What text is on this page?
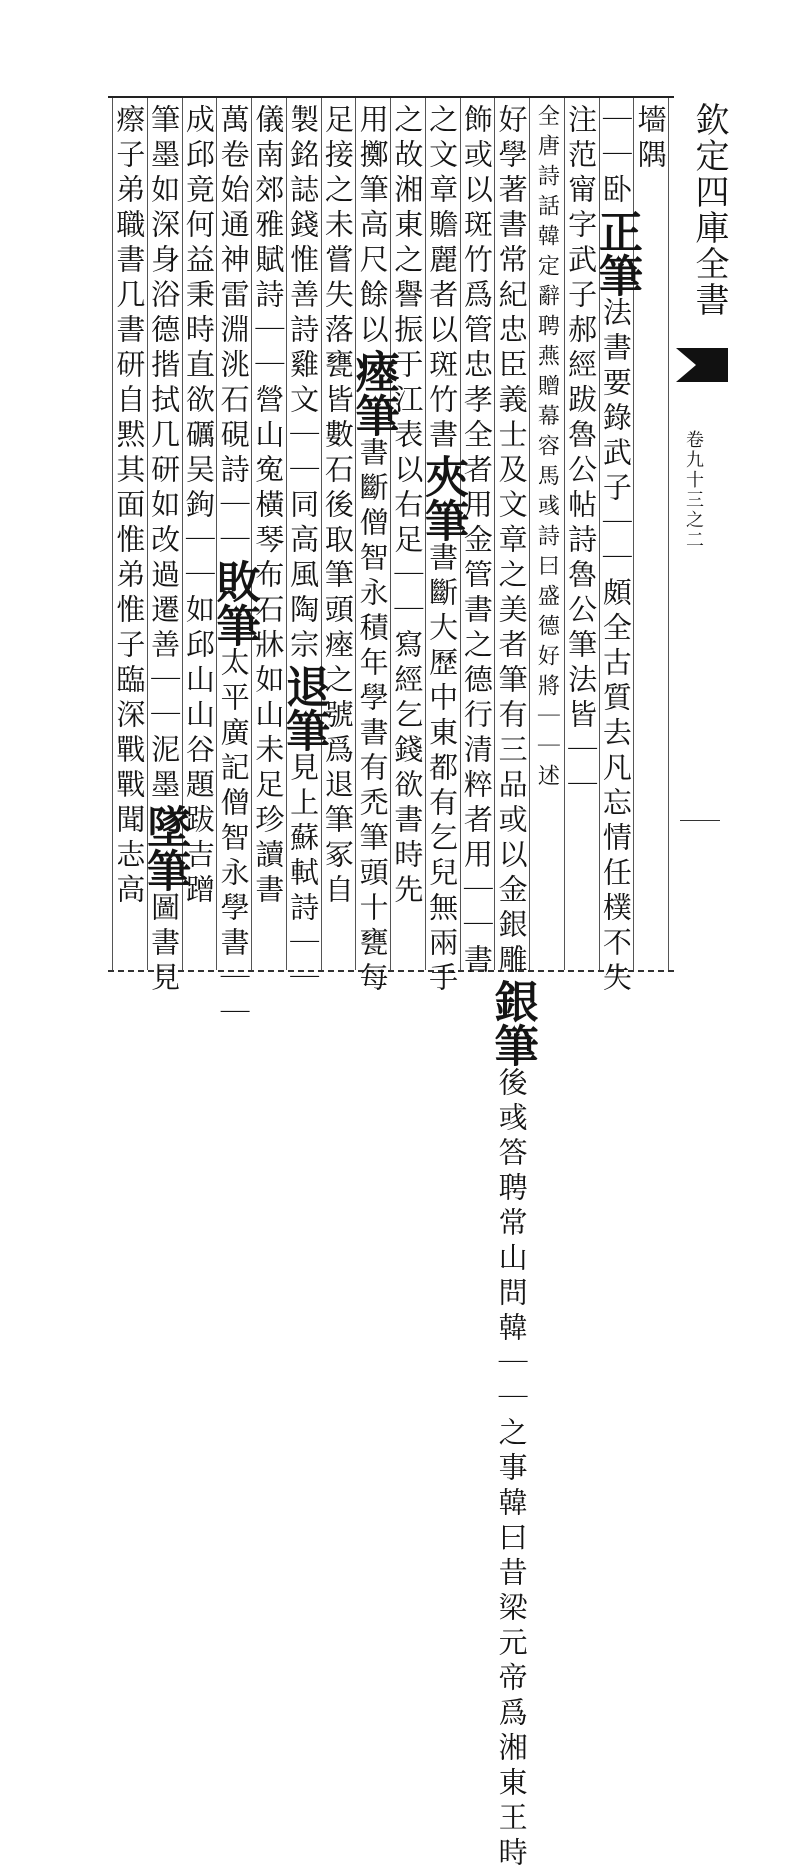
墻隅
｜｜卧正筆法書要錄武子｜｜頗全古質去凡忘情任樸不失
注范甯字武子郝經跋魯公帖詩魯公筆法皆｜｜
全唐詩話韓定辭聘燕贈幕容馬彧詩曰盛德好將｜｜述
好學著書常紀忠臣義士及文章之美者筆有三品或以金銀雕銀筆後彧答聘常山問韓｜｜之事韓曰昔梁元帝爲湘東王時
飾或以斑竹爲管忠孝全者用金管書之德行清粹者用｜｜書
之文章贍麗者以斑竹書夾筆書斷大歷中東都有乞兒無兩手
之故湘東之譽振于江表以右足｜｜寫經乞錢欲書時先
用擲筆高尺餘以瘞筆書斷僧智永積年學書有禿筆頭十甕每
足接之未嘗失落甕皆數石後取筆頭瘞之號爲退筆冢自
製銘誌錢惟善詩雞文｜｜同高風陶宗退筆見上蘇軾詩｜｜
儀南郊雅賦詩｜｜營山寃橫琴布石牀如山未足珍讀書
萬卷始通神雷淵洮石硯詩｜｜敗筆太平廣記僧智永學書｜｜
成邱竟何益秉時直欲礪吴鉤｜｜如邱山山谷題跋吉蹭
筆墨如深身浴德揩拭几研如改過遷善｜｜泥墨墜筆圖書見
瘵子弟職書几書研自黙其面惟弟惟子臨深戰戰聞志高	欽定四庫全書
卷九十三之二
